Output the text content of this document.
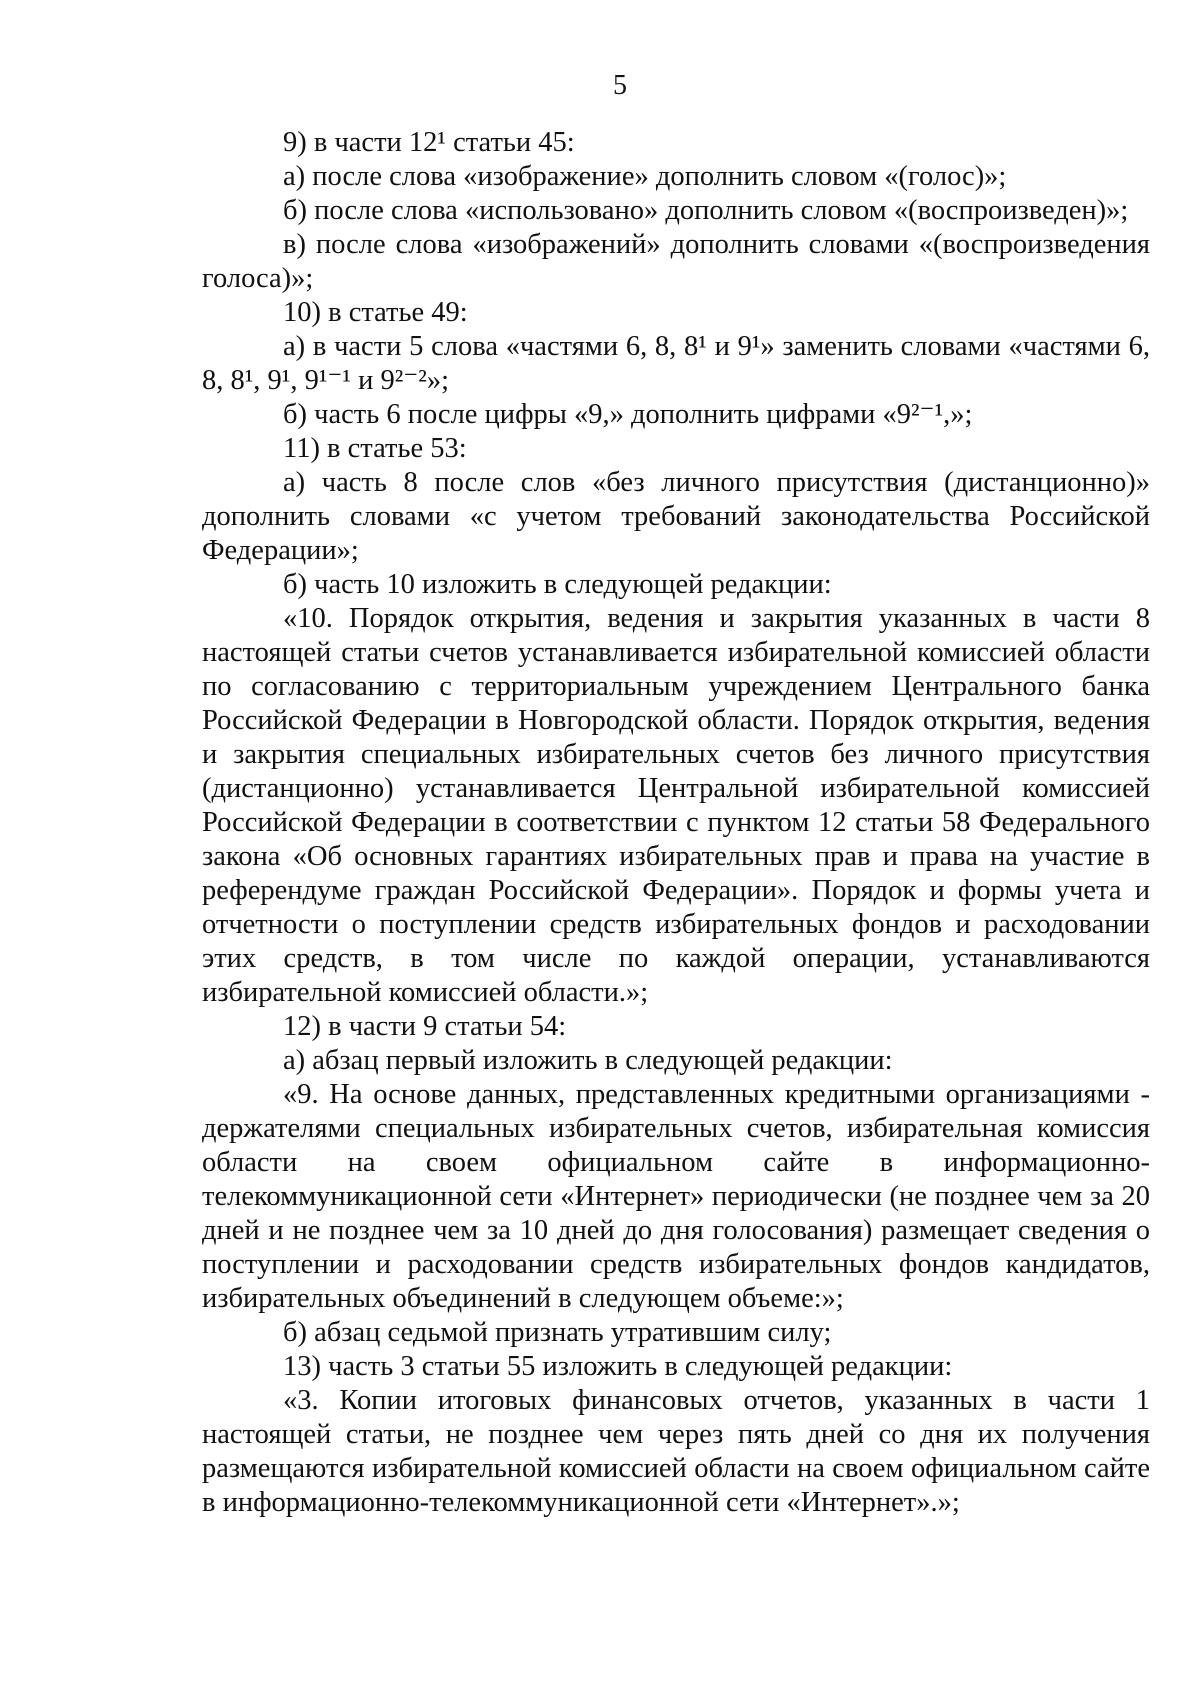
5

9) в части 12¹ статьи 45:

а) после слова «изображение» дополнить словом «(голос)»;

б) после слова «использовано» дополнить словом «(воспроизведен)»;

в) после слова «изображений» дополнить словами «(воспроизведения голоса)»;

10) в статье 49:

а) в части 5 слова «частями 6, 8, 8¹ и 9¹» заменить словами «частями 6, 8, 8¹, 9¹, 9¹⁻¹ и 9²⁻²»;

б) часть 6 после цифры «9,» дополнить цифрами «9²⁻¹,»;

11) в статье 53:

а) часть 8 после слов «без личного присутствия (дистанционно)» дополнить словами «с учетом требований законодательства Российской Федерации»;

б) часть 10 изложить в следующей редакции:

«10. Порядок открытия, ведения и закрытия указанных в части 8 настоящей статьи счетов устанавливается избирательной комиссией области по согласованию с территориальным учреждением Центрального банка Российской Федерации в Новгородской области. Порядок открытия, ведения и закрытия специальных избирательных счетов без личного присутствия (дистанционно) устанавливается Центральной избирательной комиссией Российской Федерации в соответствии с пунктом 12 статьи 58 Федерального закона «Об основных гарантиях избирательных прав и права на участие в референдуме граждан Российской Федерации». Порядок и формы учета и отчетности о поступлении средств избирательных фондов и расходовании этих средств, в том числе по каждой операции, устанавливаются избирательной комиссией области.»;

12) в части 9 статьи 54:

а) абзац первый изложить в следующей редакции:

«9. На основе данных, представленных кредитными организациями - держателями специальных избирательных счетов, избирательная комиссия области на своем официальном сайте в информационно-телекоммуникационной сети «Интернет» периодически (не позднее чем за 20 дней и не позднее чем за 10 дней до дня голосования) размещает сведения о поступлении и расходовании средств избирательных фондов кандидатов, избирательных объединений в следующем объеме:»;

б) абзац седьмой признать утратившим силу;

13) часть 3 статьи 55 изложить в следующей редакции:

«3. Копии итоговых финансовых отчетов, указанных в части 1 настоящей статьи, не позднее чем через пять дней со дня их получения размещаются избирательной комиссией области на своем официальном сайте в информационно-телекоммуникационной сети «Интернет».»;
